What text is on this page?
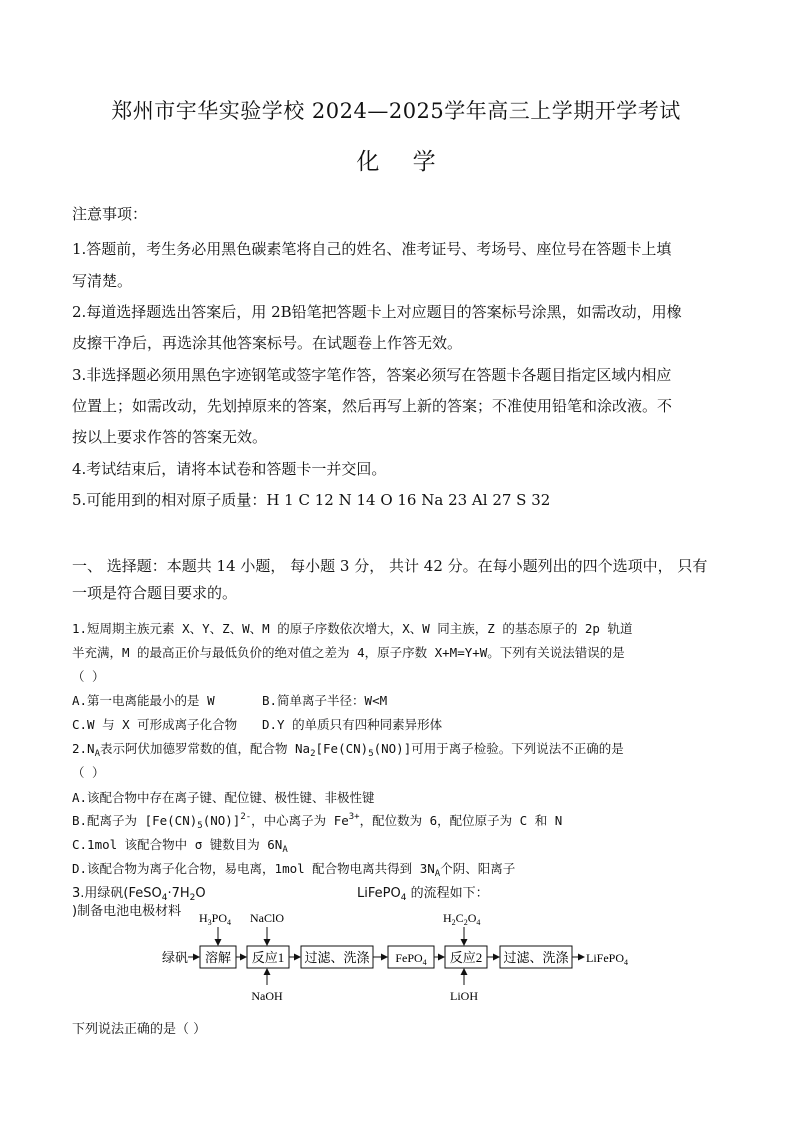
郑州市宇华实验学校 2024—2025学年高三上学期开学考试
化 学
注意事项：
1.答题前，考生务必用黑色碳素笔将自己的姓名、准考证号、考场号、座位号在答题卡上填
写清楚。
2.每道选择题选出答案后，用 2B铅笔把答题卡上对应题目的答案标号涂黑，如需改动，用橡
皮擦干净后，再选涂其他答案标号。在试题卷上作答无效。
3.非选择题必须用黑色字迹钢笔或签字笔作答，答案必须写在答题卡各题目指定区域内相应
位置上；如需改动，先划掉原来的答案，然后再写上新的答案；不准使用铅笔和涂改液。不
按以上要求作答的答案无效。
4.考试结束后，请将本试卷和答题卡一并交回。
5.可能用到的相对原子质量：H 1 C 12 N 14 O 16 Na 23 Al 27 S 32
一、 选择题：本题共 14 小题， 每小题 3 分， 共计 42 分。在每小题列出的四个选项中， 只有
一项是符合题目要求的。
1.短周期主族元素 X、Y、Z、W、M 的原子序数依次增大，X、W 同主族，Z 的基态原子的 2p 轨道
半充满，M 的最高正价与最低负价的绝对值之差为 4，原子序数 X+M=Y+W。下列有关说法错误的是
（ ）
A.第一电离能最小的是 W	B.简单离子半径：W<M
C.W 与 X 可形成离子化合物 D.Y 的单质只有四种同素异形体
$2.N_A$表示阿伏加德罗常数的值，配合物 $Na_2[Fe(CN)_5(NO)]$可用于离子检验。下列说法不正确的是
（ ）
A.该配合物中存在离子键、配位键、极性键、非极性键
B.配离子为 $[Fe(CN)_5(NO)]^{2-}$，中心离子为 $Fe^{3+}$，配位数为 6，配位原子为 C 和 N
C.1mol 该配合物中 σ 键数目为 $6N_A$
D.该配合物为离子化合物，易电离，1mol 配合物电离共得到 $3N_A$个阴、阳离子
3.用绿矾($FeSO_4\cdot 7H_2O$	LiFePO$_4$ 的流程如下：
)制备电池电极材料 $H_3PO_4$ NaClO	$H_2C_2O_4$
绿矾 溶解 反应1 过滤、洗涤 FePO$_4$ 反应2 过滤、洗涤 LiFePO$_4$
NaOH	LiOH
下列说法正确的是（ ）
